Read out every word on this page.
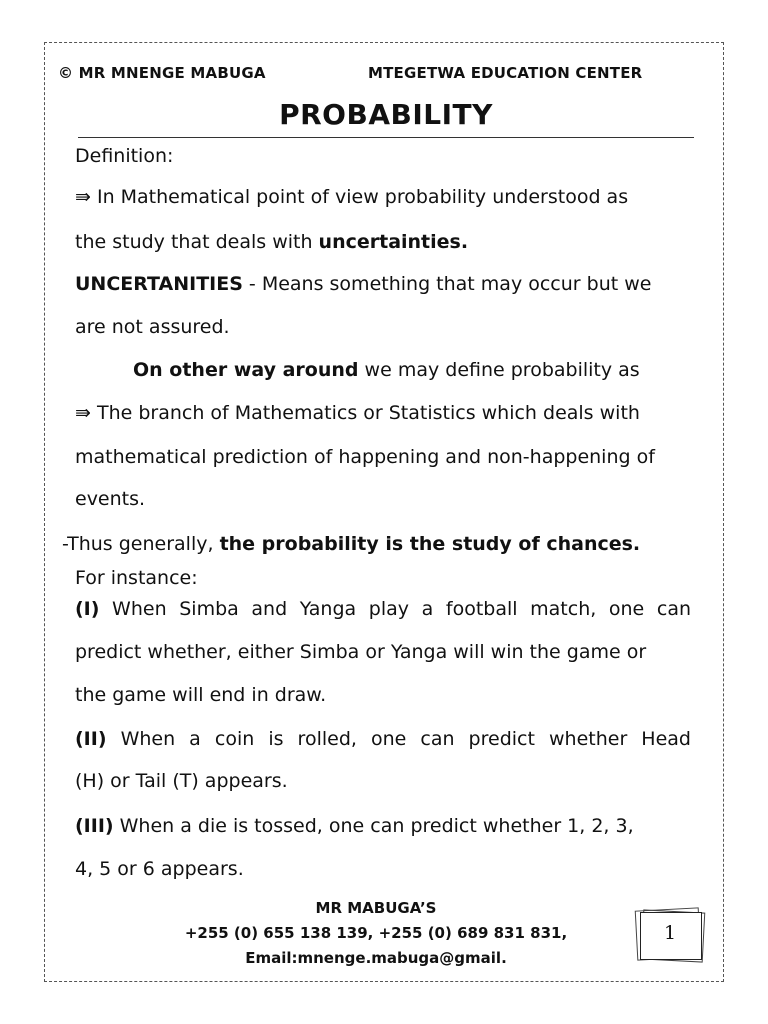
© MR MNENGE MABUGA	MTEGETWA EDUCATION CENTER
PROBABILITY
Definition:
⇛ In Mathematical point of view probability understood as
the study that deals with uncertainties.
UNCERTANITIES - Means something that may occur but we
are not assured.
On other way around we may define probability as
⇛ The branch of Mathematics or Statistics which deals with
mathematical prediction of happening and non-happening of
events.
-Thus generally, the probability is the study of chances.
For instance:
(I) When Simba and Yanga play a football match, one can
predict whether, either Simba or Yanga will win the game or
the game will end in draw.
(II) When a coin is rolled, one can predict whether Head
(H) or Tail (T) appears.
(III) When a die is tossed, one can predict whether 1, 2, 3,
4, 5 or 6 appears.
MR MABUGA’S
+255 (0) 655 138 139, +255 (0) 689 831 831,
Email:mnenge.mabuga@gmail.
1
